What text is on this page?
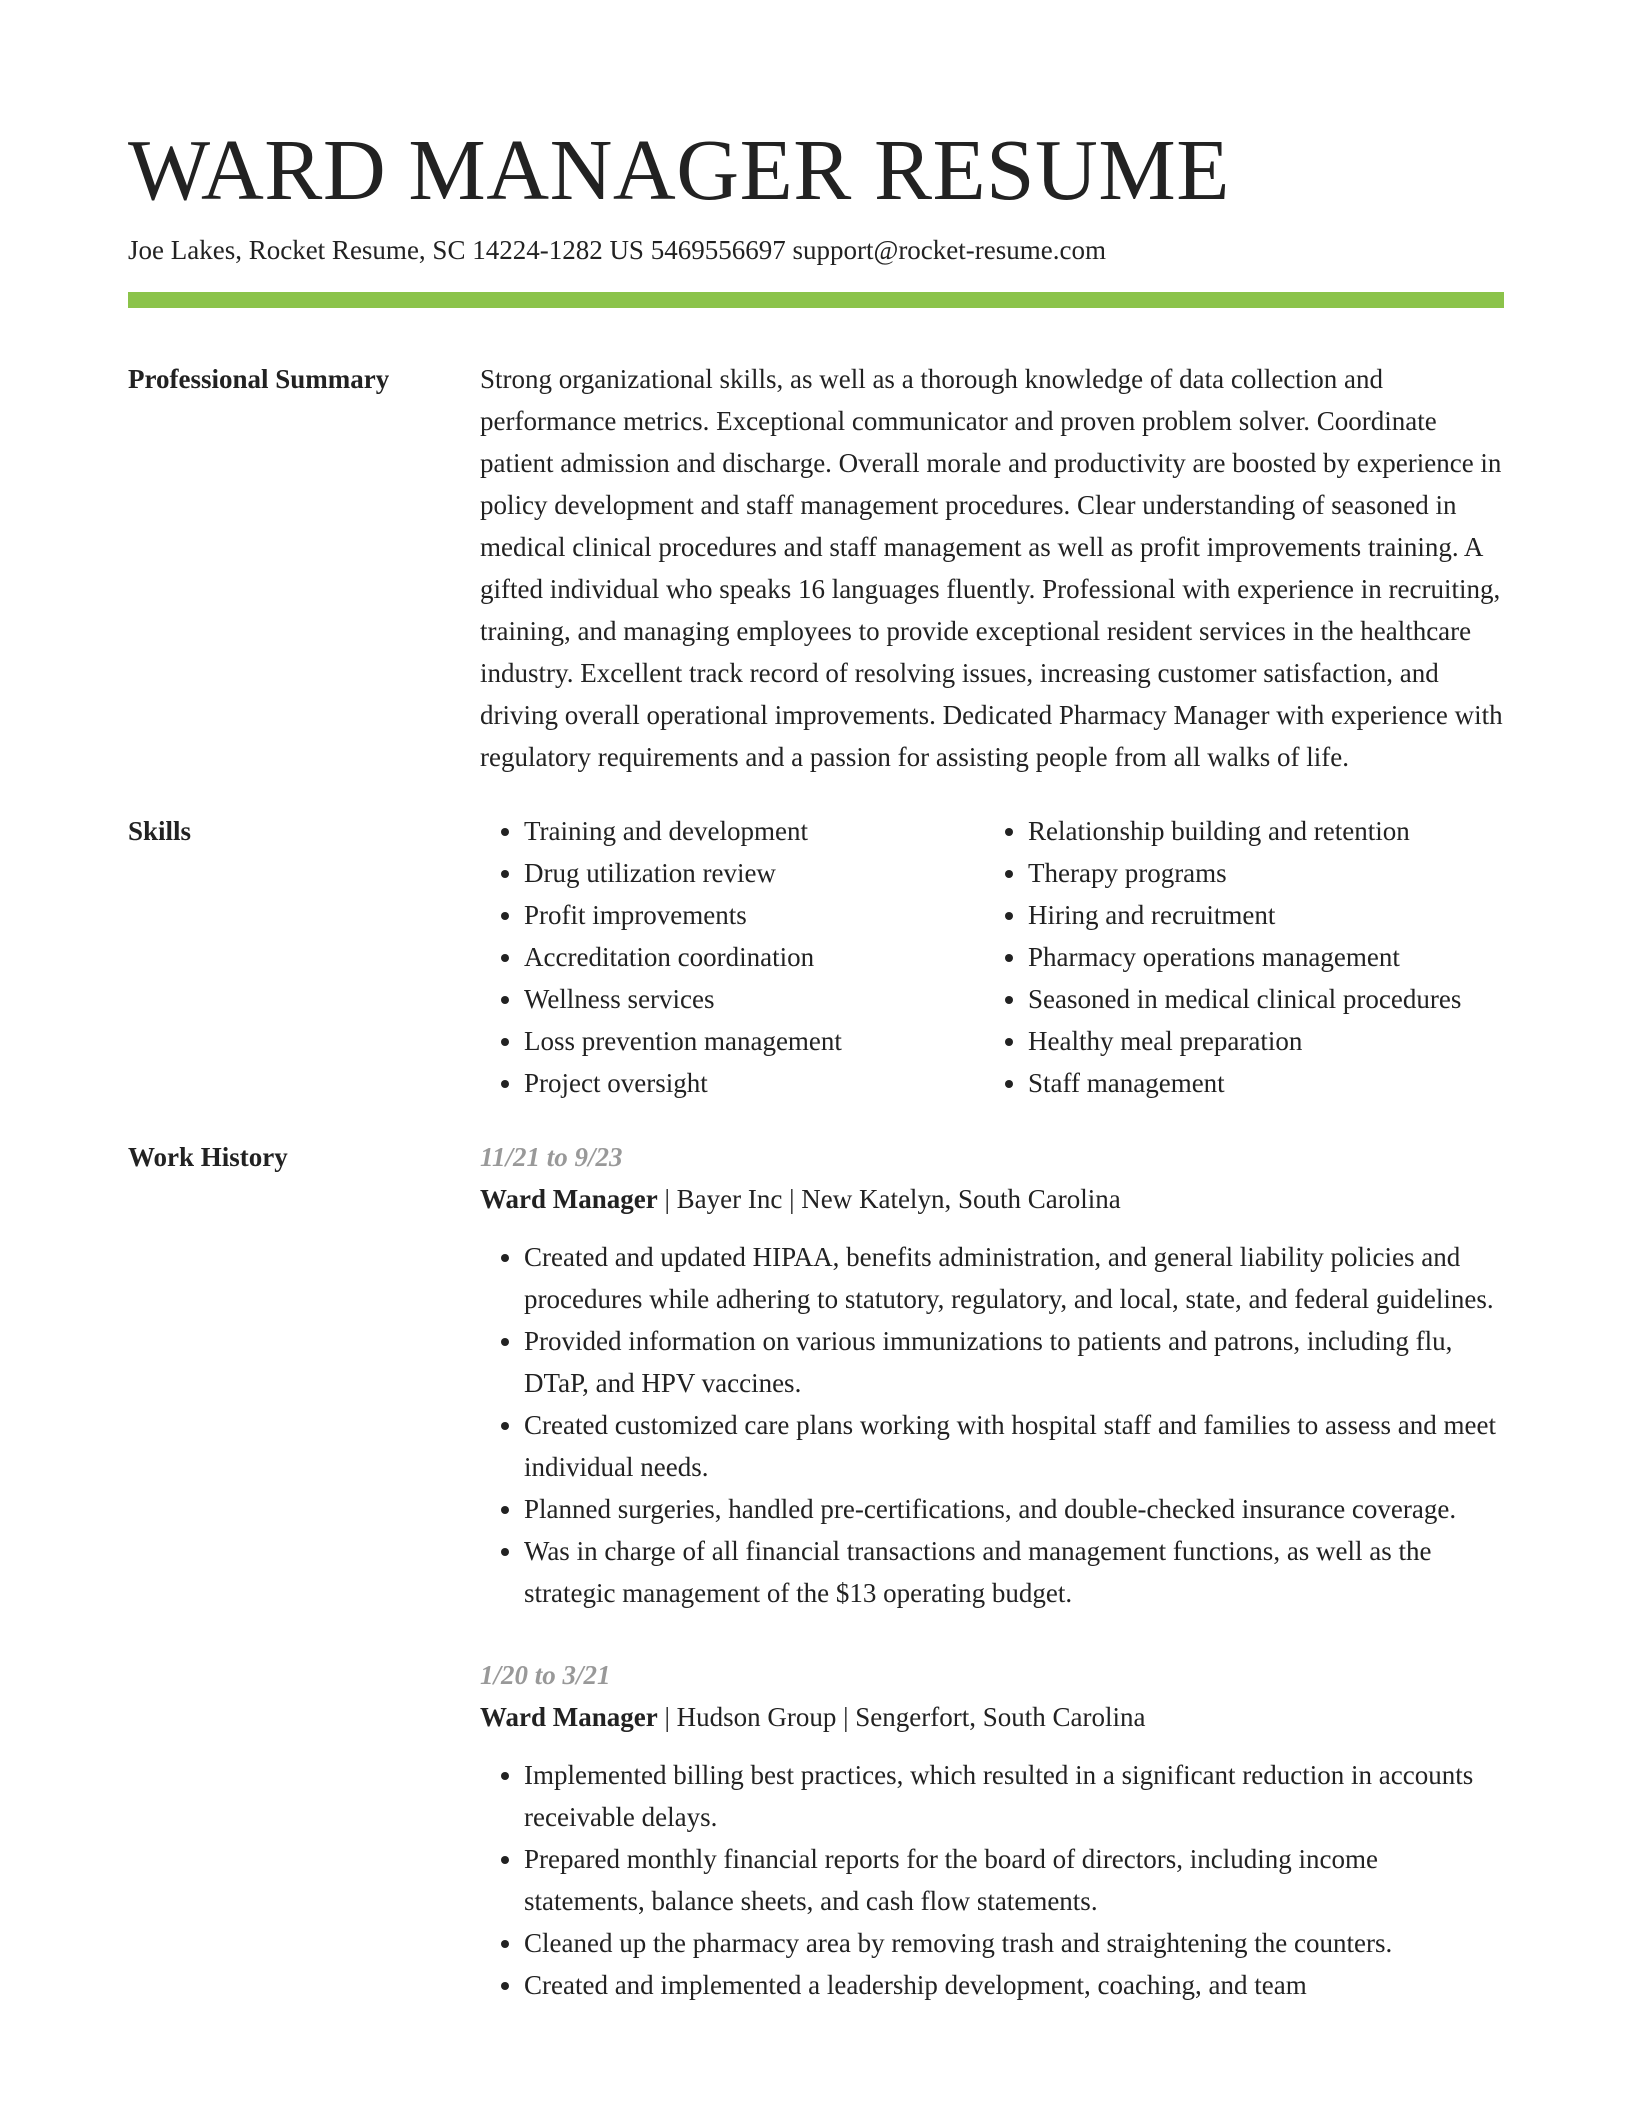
WARD MANAGER RESUME
Joe Lakes, Rocket Resume, SC 14224-1282 US 5469556697 support@rocket-resume.com
Professional Summary	Strong organizational skills, as well as a thorough knowledge of data collection and performance metrics. Exceptional communicator and proven problem solver. Coordinate patient admission and discharge. Overall morale and productivity are boosted by experience in policy development and staff management procedures. Clear understanding of seasoned in medical clinical procedures and staff management as well as profit improvements training. A gifted individual who speaks 16 languages fluently. Professional with experience in recruiting, training, and managing employees to provide exceptional resident services in the healthcare industry. Excellent track record of resolving issues, increasing customer satisfaction, and driving overall operational improvements. Dedicated Pharmacy Manager with experience with regulatory requirements and a passion for assisting people from all walks of life.
Skills
•	Training and development
• Drug utilization review
• Profit improvements
• Accreditation coordination
• Wellness services
• Loss prevention management
• Project oversight
• Relationship building and retention
• Therapy programs
• Hiring and recruitment
• Pharmacy operations management
• Seasoned in medical clinical procedures
• Healthy meal preparation
• Staff management
Work History	11/21 to 9/23
Ward Manager | Bayer Inc | New Katelyn, South Carolina
• Created and updated HIPAA, benefits administration, and general liability policies and procedures while adhering to statutory, regulatory, and local, state, and federal guidelines.
• Provided information on various immunizations to patients and patrons, including flu, DTaP, and HPV vaccines.
• Created customized care plans working with hospital staff and families to assess and meet individual needs.
• Planned surgeries, handled pre-certifications, and double-checked insurance coverage.
• Was in charge of all financial transactions and management functions, as well as the strategic management of the $13 operating budget.
1/20 to 3/21
Ward Manager | Hudson Group | Sengerfort, South Carolina
• Implemented billing best practices, which resulted in a significant reduction in accounts receivable delays.
• Prepared monthly financial reports for the board of directors, including income statements, balance sheets, and cash flow statements.
• Cleaned up the pharmacy area by removing trash and straightening the counters.
• Created and implemented a leadership development, coaching, and team
